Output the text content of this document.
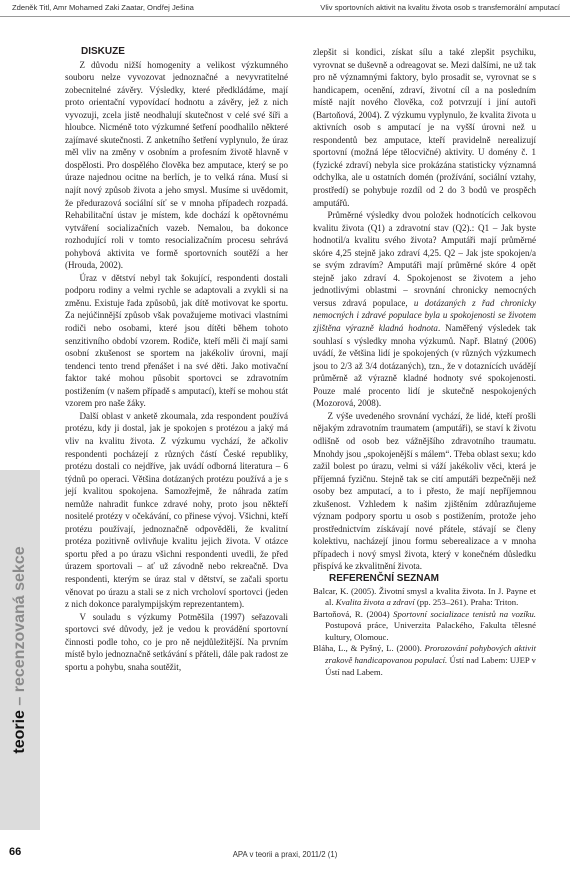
Zdeněk Titl, Amr Mohamed Zaki Zaatar, Ondřej Ješina	Vliv sportovních aktivit na kvalitu života osob s transfemorální amputací
teorie – recenzovaná sekce

DISKUZE

Z důvodu nižší homogenity a velikost výzkumného souboru nelze vyvozovat jednoznačné a nevyvratitelné zobecnitelné závěry. Výsledky, které předkládáme, mají proto orientační vypovídací hodnotu a závěry, jež z nich vyvozuji, zcela jistě neodhalují skutečnost v celé své šíři a hloubce. Nicméně toto výzkumné šetření poodhalilo některé zajímavé skutečnosti. Z anketního šetření vyplynulo, že úraz měl vliv na změny v osobním a profesním životě hlavně v dospělosti. Pro dospělého člověka bez amputace, který se po úraze najednou ocitne na berlích, je to velká rána. Musí si najít nový způsob života a jeho smysl. Musíme si uvědomit, že předurazová sociální síť se v mnoha případech rozpadá. Rehabilitační ústav je místem, kde dochází k opětovnému vytváření socializačních vazeb. Nemalou, ba dokonce rozhodující roli v tomto resocializačním procesu sehrává pohybová aktivita ve formě sportovních soutěží a her (Hrouda, 2002).

Úraz v dětství nebyl tak šokující, respondenti dostali podporu rodiny a velmi rychle se adaptovali a zvykli si na změnu. Existuje řada způsobů, jak dítě motivovat ke sportu. Za nejúčinnější způsob však považujeme motivaci vlastními rodiči nebo osobami, které jsou dítěti během tohoto senzitivního období vzorem. Rodiče, kteří měli či mají sami osobní zkušenost se sportem na jakékoliv úrovni, mají tendenci tento trend přenášet i na své děti. Jako motivační faktor také mohou působit sportovci se zdravotním postižením (v našem případě s amputací), kteří se mohou stát vzorem pro naše žáky.

Další oblast v anketě zkoumala, zda respondent používá protézu, kdy ji dostal, jak je spokojen s protézou a jaký má vliv na kvalitu života. Z výzkumu vychází, že ačkoliv respondenti pocházejí z různých částí České republiky, protézu dostali co nejdříve, jak uvádí odborná literatura – 6 týdnů po operaci. Většina dotázaných protézu používá a je s její kvalitou spokojena. Samozřejmě, že náhrada zatím nemůže nahradit funkce zdravé nohy, proto jsou někteří nositelé protézy v očekávání, co přinese vývoj. Všichni, kteří protézu používají, jednoznačně odpověděli, že kvalitní protéza pozitivně ovlivňuje kvalitu jejich života. V otázce sportu před a po úrazu všichni respondenti uvedli, že před úrazem sportovali – ať už závodně nebo rekreačně. Dva respondenti, kterým se úraz stal v dětství, se začali sportu věnovat po úrazu a stali se z nich vrcholoví sportovci (jeden z nich dokonce paralympijským reprezentantem).

V souladu s výzkumy Potměšila (1997) seřazovali sportovci své důvody, jež je vedou k provádění sportovní činnosti podle toho, co je pro ně nejdůležitější. Na prvním místě bylo jednoznačně setkávání s přáteli, dále pak radost ze sportu a pohybu, snaha soutěžit,

zlepšit si kondici, získat sílu a také zlepšit psychiku, vyrovnat se duševně a odreagovat se. Mezi dalšími, ne už tak pro ně významnými faktory, bylo prosadit se, vyrovnat se s handicapem, ocenění, zdraví, životní cíl a na posledním místě najít nového člověka, což potvrzují i jiní autoři (Bartoňová, 2004). Z výzkumu vyplynulo, že kvalita života u aktivních osob s amputací je na vyšší úrovni než u respondentů bez amputace, kteří pravidelně nerealizují sportovní (možná lépe tělocvičné) aktivity. U domény č. 1 (fyzické zdraví) nebyla sice prokázána statisticky významná odchylka, ale u ostatních domén (prožívání, sociální vztahy, prostředí) se pohybuje rozdíl od 2 do 3 bodů ve prospěch amputářů.

Průměrné výsledky dvou položek hodnotících celkovou kvalitu života (Q1) a zdravotní stav (Q2).: Q1 – Jak byste hodnotil/a kvalitu svého života? Amputáři mají průměrné skóre 4,25 stejně jako zdraví 4,25. Q2 – Jak jste spokojen/a se svým zdravím? Amputáři mají průměrné skóre 4 opět stejně jako zdraví 4. Spokojenost se životem a jeho jednotlivými oblastmi – srovnání chronicky nemocných versus zdravá populace, u dotázaných z řad chronicky nemocných i zdravé populace byla u spokojenosti se životem zjištěna výrazně kladná hodnota. Naměřený výsledek tak souhlasí s výsledky mnoha výzkumů. Např. Blatný (2006) uvádí, že většina lidí je spokojených (v různých výzkumech jsou to 2/3 až 3/4 dotázaných), tzn., že v dotaznících uvádějí průměrně až výrazně kladné hodnoty své spokojenosti. Pouze malé procento lidí je skutečně nespokojených (Mozorová, 2008).

Z výše uvedeného srovnání vychází, že lidé, kteří prošli nějakým zdravotním traumatem (amputáři), se staví k životu odlišně od osob bez vážnějšího zdravotního traumatu. Mnohdy jsou „spokojenější s málem“. Třeba oblast sexu; kdo zažil bolest po úrazu, velmi si váží jakékoliv věci, která je příjemná fyzičnu. Stejně tak se cití amputáři bezpečněji než osoby bez amputací, a to i přesto, že mají nepříjemnou zkušenost. Vzhledem k našim zjištěním zdůrazňujeme význam podpory sportu u osob s postižením, protože jeho prostřednictvím získávají nové přátele, stávají se členy kolektivu, nacházejí jinou formu seberealizace a v mnoha případech i nový smysl života, který v konečném důsledku přispívá ke zkvalitnění života.

REFERENČNÍ SEZNAM

Balcar, K. (2005). Životní smysl a kvalita života. In J. Payne et al. Kvalita života a zdraví (pp. 253–261). Praha: Triton.

Bartoňová, R. (2004) Sportovní socializace tenistů na vozíku. Postupová práce, Univerzita Palackého, Fakulta tělesné kultury, Olomouc.

Bláha, L., & Pyšný, L. (2000). Prorozování pohybových aktivit zrakově handicapovanou populací. Ústí nad Labem: UJEP v Ústí nad Labem.

66	APA v teorii a praxi, 2011/2 (1)
